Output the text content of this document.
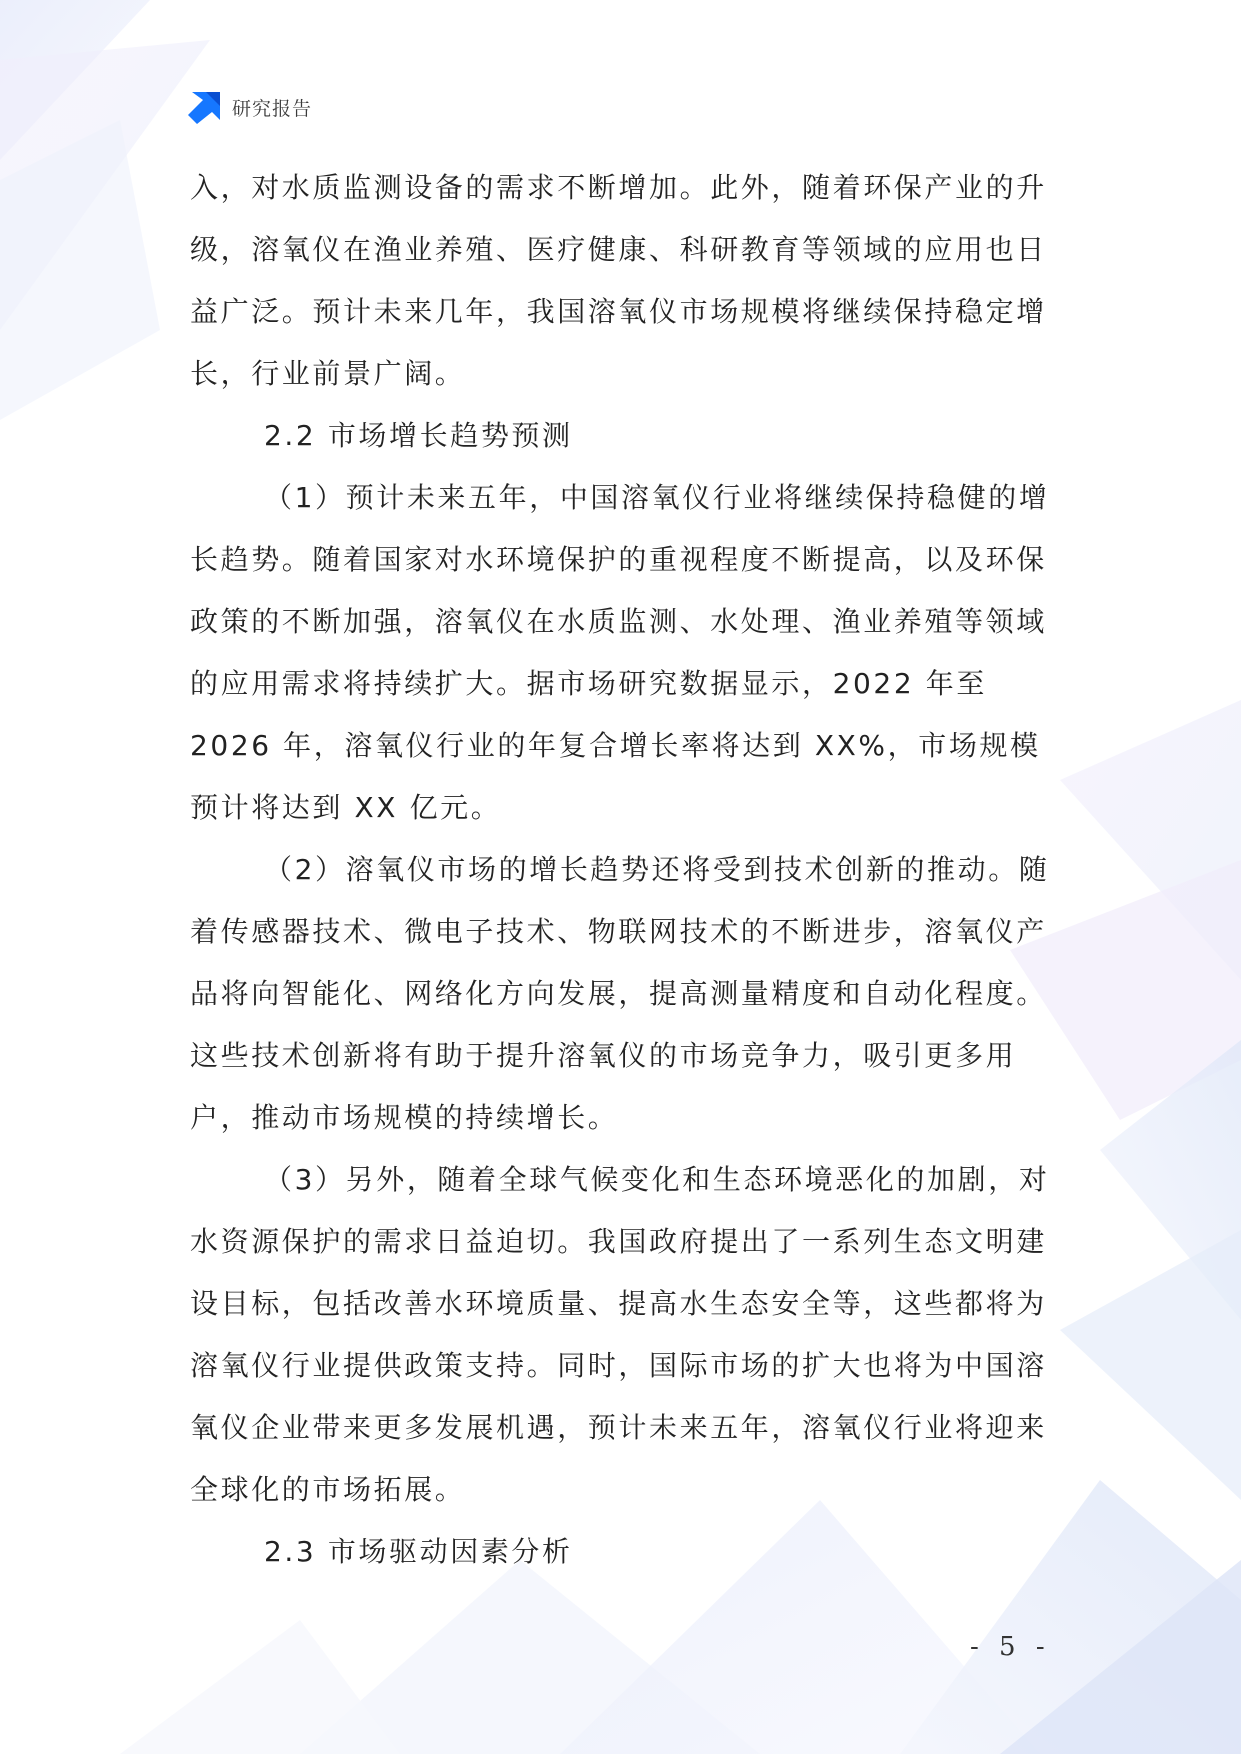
研究报告

入，对水质监测设备的需求不断增加。此外，随着环保产业的升级，溶氧仪在渔业养殖、医疗健康、科研教育等领域的应用也日益广泛。预计未来几年，我国溶氧仪市场规模将继续保持稳定增长，行业前景广阔。

2.2 市场增长趋势预测

（1）预计未来五年，中国溶氧仪行业将继续保持稳健的增长趋势。随着国家对水环境保护的重视程度不断提高，以及环保政策的不断加强，溶氧仪在水质监测、水处理、渔业养殖等领域的应用需求将持续扩大。据市场研究数据显示，2022 年至 2026 年，溶氧仪行业的年复合增长率将达到 XX%，市场规模预计将达到 XX 亿元。

（2）溶氧仪市场的增长趋势还将受到技术创新的推动。随着传感器技术、微电子技术、物联网技术的不断进步，溶氧仪产品将向智能化、网络化方向发展，提高测量精度和自动化程度。这些技术创新将有助于提升溶氧仪的市场竞争力，吸引更多用户，推动市场规模的持续增长。

（3）另外，随着全球气候变化和生态环境恶化的加剧，对水资源保护的需求日益迫切。我国政府提出了一系列生态文明建设目标，包括改善水环境质量、提高水生态安全等，这些都将为溶氧仪行业提供政策支持。同时，国际市场的扩大也将为中国溶氧仪企业带来更多发展机遇，预计未来五年，溶氧仪行业将迎来全球化的市场拓展。

2.3 市场驱动因素分析

- 5 -
